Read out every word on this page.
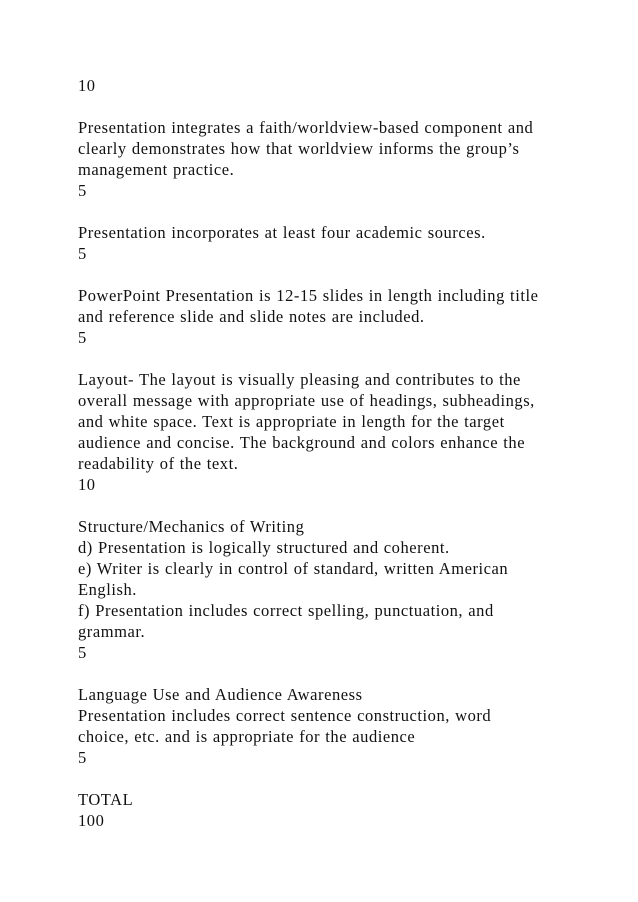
10
Presentation integrates a faith/worldview-based component and
clearly demonstrates how that worldview informs the group’s
management practice.
5
Presentation incorporates at least four academic sources.
5
PowerPoint Presentation is 12-15 slides in length including title
and reference slide and slide notes are included.
5
Layout- The layout is visually pleasing and contributes to the
overall message with appropriate use of headings, subheadings,
and white space. Text is appropriate in length for the target
audience and concise. The background and colors enhance the
readability of the text.
10
Structure/Mechanics of Writing
d) Presentation is logically structured and coherent.
e) Writer is clearly in control of standard, written American
English.
f) Presentation includes correct spelling, punctuation, and
grammar.
5
Language Use and Audience Awareness
Presentation includes correct sentence construction, word
choice, etc. and is appropriate for the audience
5
TOTAL
100
